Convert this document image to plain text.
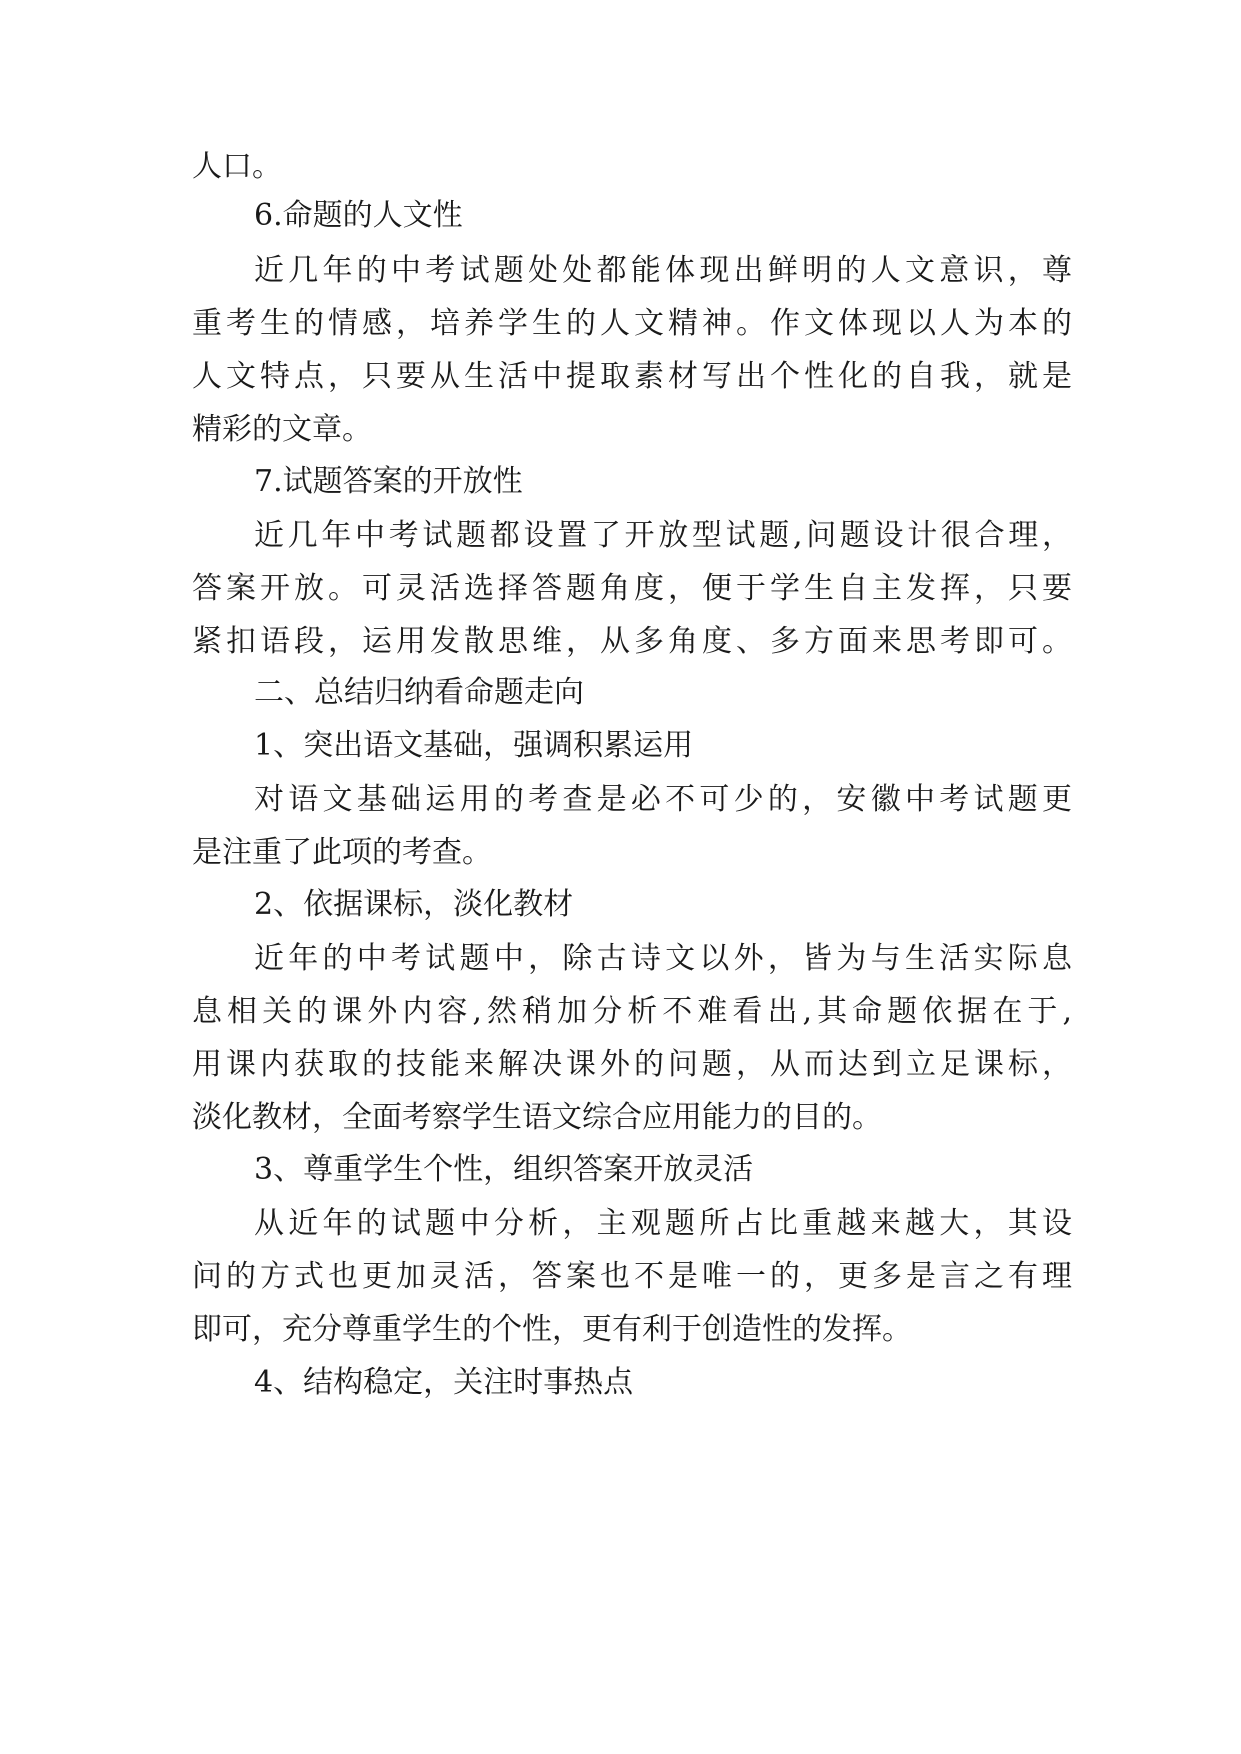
人口。
6.命题的人文性
近几年的中考试题处处都能体现出鲜明的人文意识，尊
重考生的情感，培养学生的人文精神。作文体现以人为本的
人文特点，只要从生活中提取素材写出个性化的自我，就是
精彩的文章。
7.试题答案的开放性
近几年中考试题都设置了开放型试题,问题设计很合理，
答案开放。可灵活选择答题角度，便于学生自主发挥，只要
紧扣语段，运用发散思维，从多角度、多方面来思考即可。
二、总结归纳看命题走向
1、突出语文基础，强调积累运用
对语文基础运用的考查是必不可少的，安徽中考试题更
是注重了此项的考查。
2、依据课标，淡化教材
近年的中考试题中，除古诗文以外，皆为与生活实际息
息相关的课外内容,然稍加分析不难看出,其命题依据在于,
用课内获取的技能来解决课外的问题，从而达到立足课标，
淡化教材，全面考察学生语文综合应用能力的目的。
3、尊重学生个性，组织答案开放灵活
从近年的试题中分析，主观题所占比重越来越大，其设
问的方式也更加灵活，答案也不是唯一的，更多是言之有理
即可，充分尊重学生的个性，更有利于创造性的发挥。
4、结构稳定，关注时事热点
